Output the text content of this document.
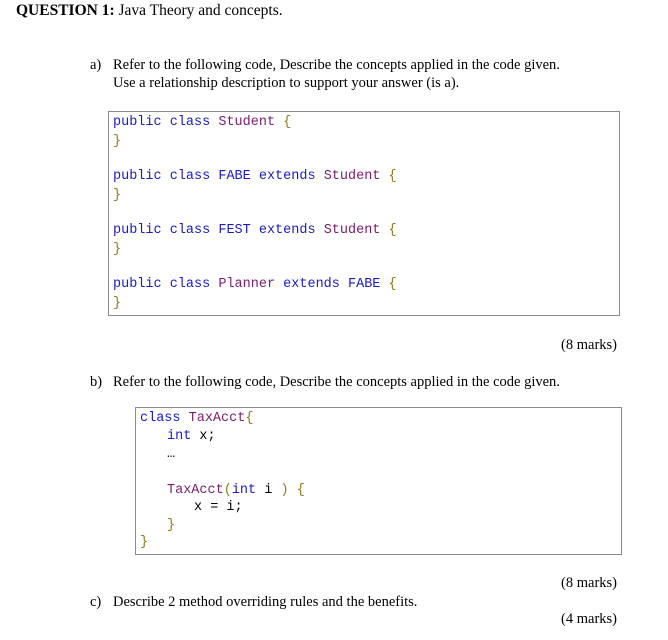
QUESTION 1: Java Theory and concepts.
a) Refer to the following code, Describe the concepts applied in the code given.
Use a relationship description to support your answer (is a).
public class Student {
}
public class FABE extends Student {
}
public class FEST extends Student {
}
public class Planner extends FABE {
}
(8 marks)
b) Refer to the following code, Describe the concepts applied in the code given.
class TaxAcct{
int x;
…
TaxAcct(int i ) {
x = i;
}
}
(8 marks)
c) Describe 2 method overriding rules and the benefits.
(4 marks)
